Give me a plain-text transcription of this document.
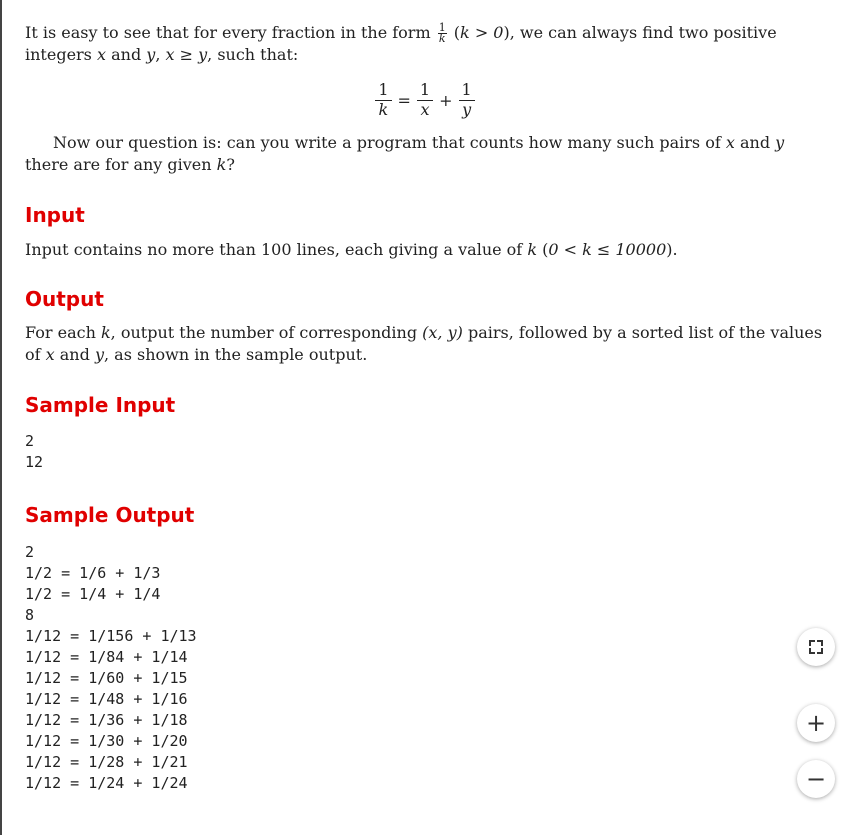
It is easy to see that for every fraction in the form $\frac{1}{k} (k > 0)$, we can always find two positive integers x and y, x ≥ y, such that:

$\frac{1}{k} = \frac{1}{x} + \frac{1}{y}$

Now our question is: can you write a program that counts how many such pairs of x and y there are for any given k?

Input

Input contains no more than 100 lines, each giving a value of k (0 < k ≤ 10000).

Output

For each k, output the number of corresponding (x, y) pairs, followed by a sorted list of the values of x and y, as shown in the sample output.

Sample Input
2
12
Sample Output
2
1/2 = 1/6 + 1/3
1/2 = 1/4 + 1/4
8
1/12 = 1/156 + 1/13
1/12 = 1/84 + 1/14
1/12 = 1/60 + 1/15
1/12 = 1/48 + 1/16
1/12 = 1/36 + 1/18
1/12 = 1/30 + 1/20
1/12 = 1/28 + 1/21
1/12 = 1/24 + 1/24
+
−
